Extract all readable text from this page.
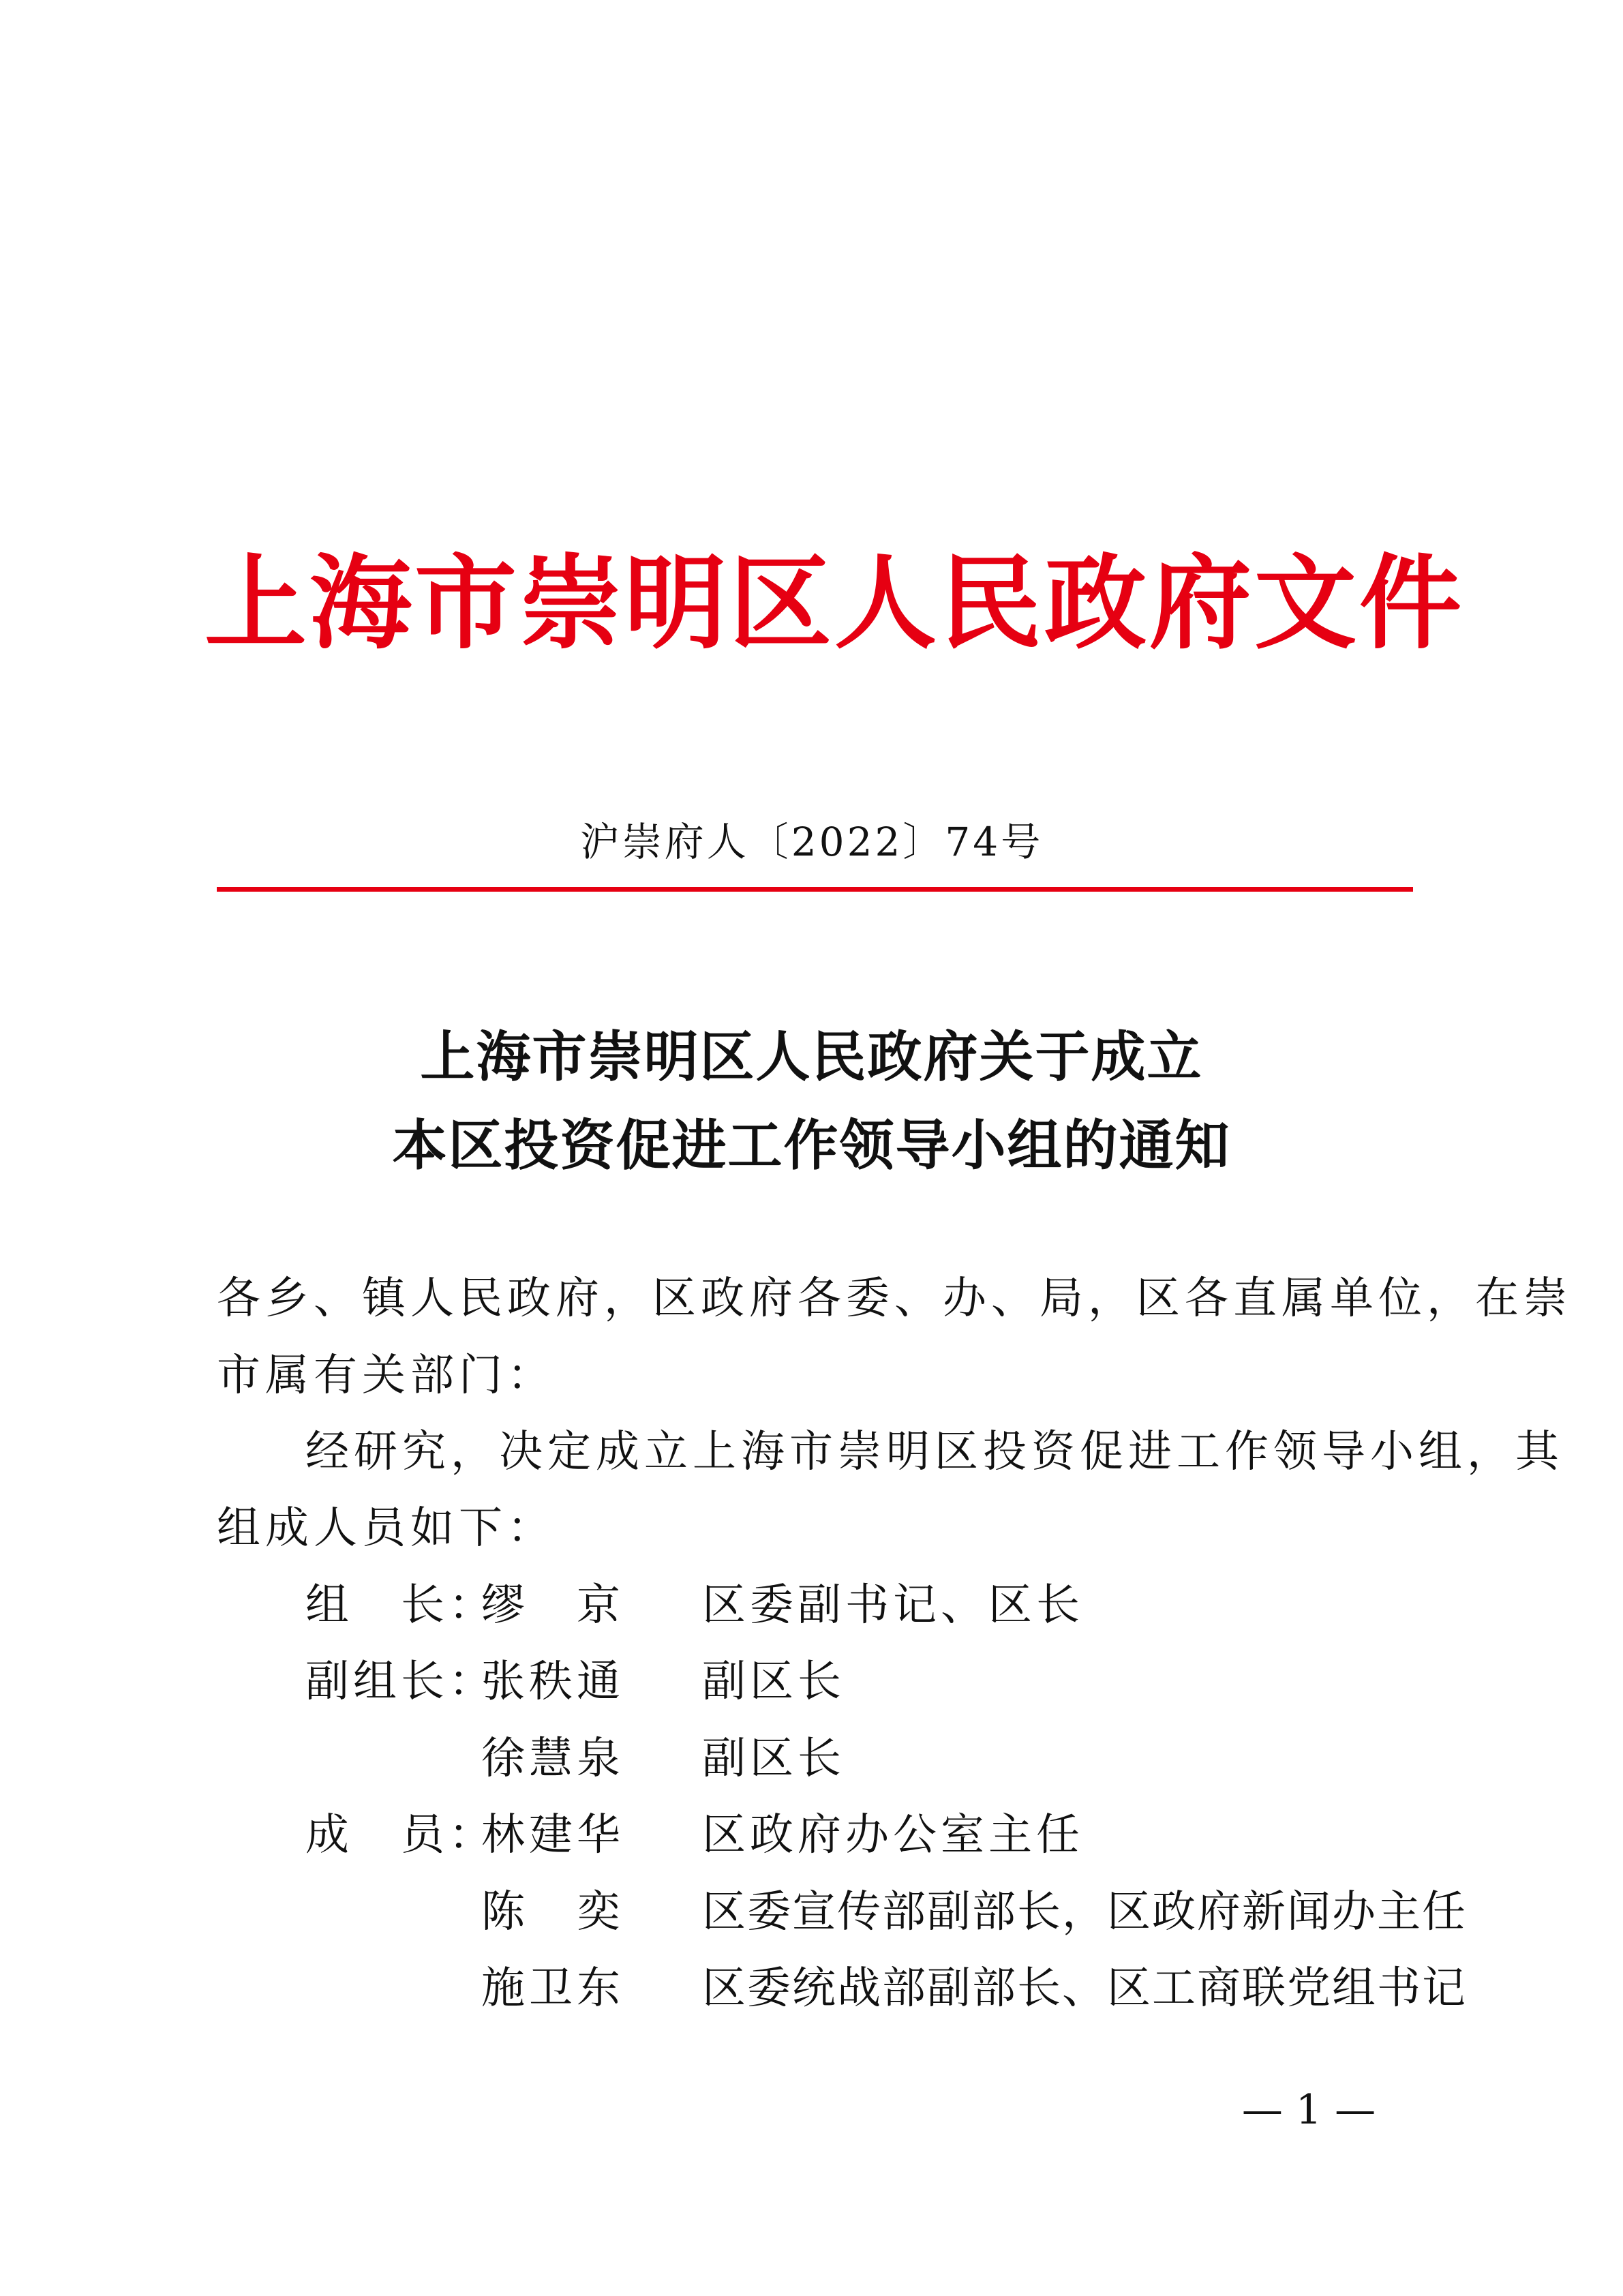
上海市崇明区人民政府文件
沪崇府人〔2022〕74号
上海市崇明区人民政府关于成立
本区投资促进工作领导小组的通知
各乡、镇人民政府，区政府各委、办、局，区各直属单位，在崇
市属有关部门：
经研究，决定成立上海市崇明区投资促进工作领导小组，其
组成人员如下：
组　长：
缪　京 区委副书记、区长
副组长：
张秩通 副区长
徐慧泉 副区长
成　员：
林建华 区政府办公室主任
陈　奕 区委宣传部副部长，区政府新闻办主任
施卫东 区委统战部副部长、区工商联党组书记
— 1 —
